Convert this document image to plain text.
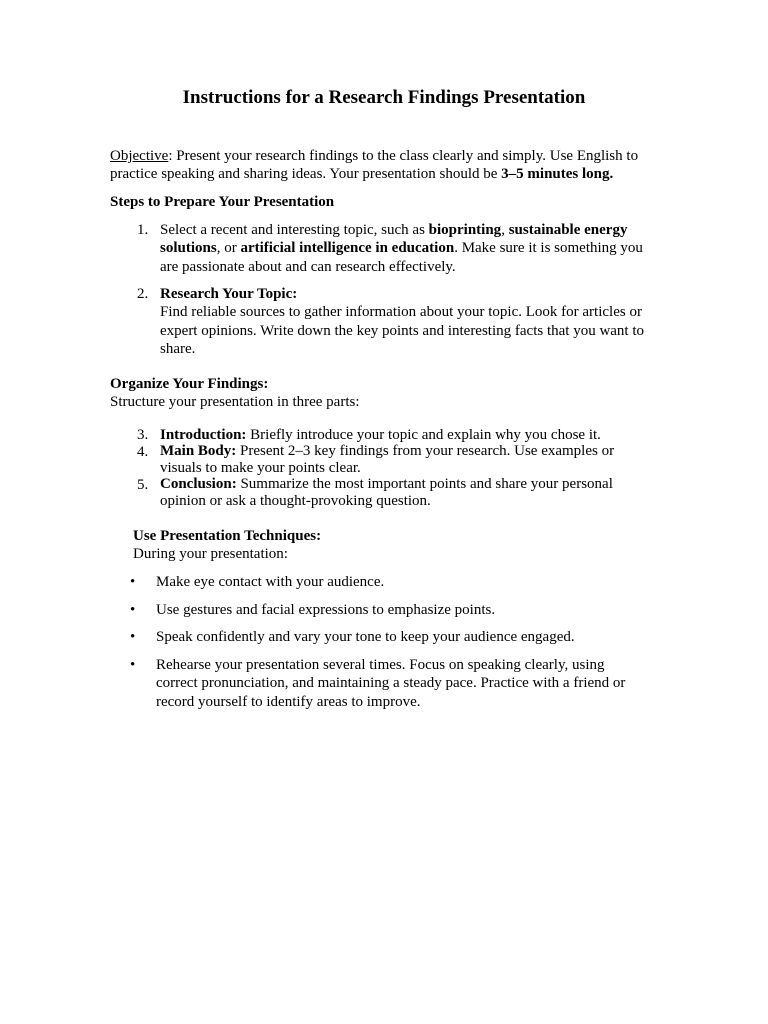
Instructions for a Research Findings Presentation
Objective: Present your research findings to the class clearly and simply. Use English to practice speaking and sharing ideas. Your presentation should be 3–5 minutes long.
Steps to Prepare Your Presentation
1. Select a recent and interesting topic, such as bioprinting, sustainable energy solutions, or artificial intelligence in education. Make sure it is something you are passionate about and can research effectively.
2. Research Your Topic:
Find reliable sources to gather information about your topic. Look for articles or expert opinions. Write down the key points and interesting facts that you want to share.
Organize Your Findings:
Structure your presentation in three parts:
3. Introduction: Briefly introduce your topic and explain why you chose it.
4. Main Body: Present 2–3 key findings from your research. Use examples or visuals to make your points clear.
5. Conclusion: Summarize the most important points and share your personal opinion or ask a thought-provoking question.
Use Presentation Techniques:
During your presentation:
• Make eye contact with your audience.
• Use gestures and facial expressions to emphasize points.
• Speak confidently and vary your tone to keep your audience engaged.
• Rehearse your presentation several times. Focus on speaking clearly, using correct pronunciation, and maintaining a steady pace. Practice with a friend or record yourself to identify areas to improve.
